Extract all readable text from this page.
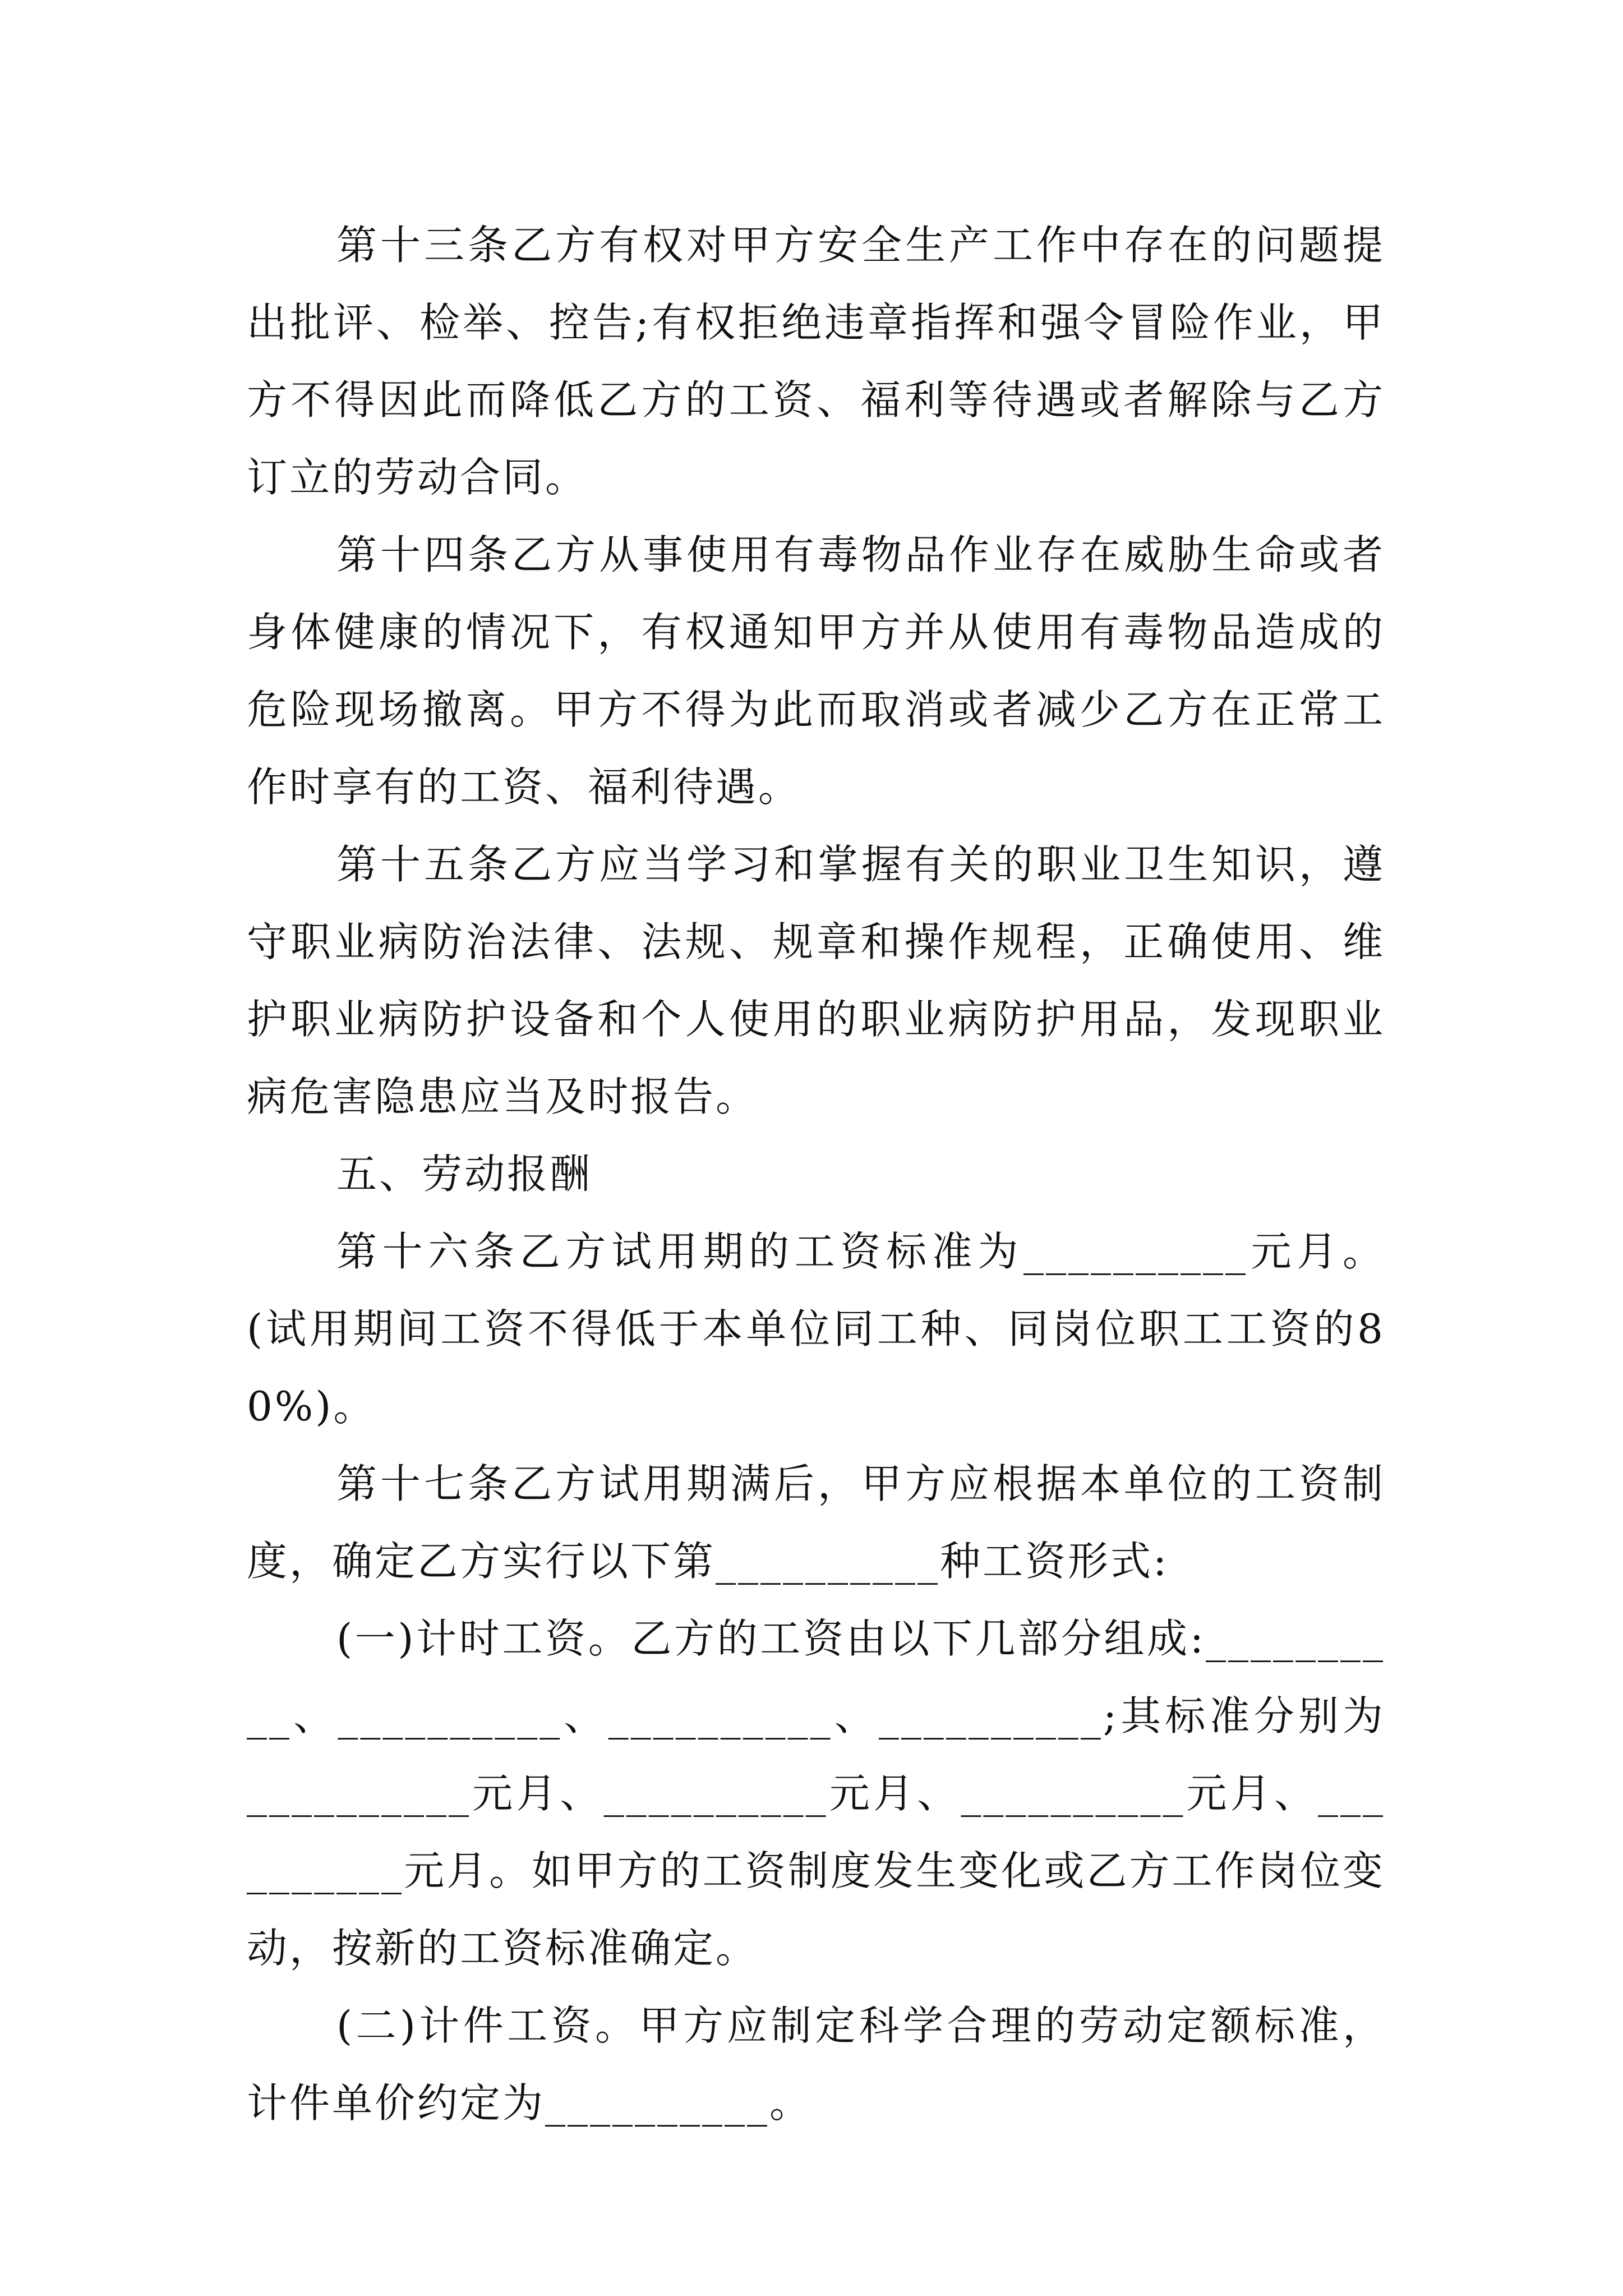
第十三条乙方有权对甲方安全生产工作中存在的问题提出批评、检举、控告;有权拒绝违章指挥和强令冒险作业，甲方不得因此而降低乙方的工资、福利等待遇或者解除与乙方订立的劳动合同。

第十四条乙方从事使用有毒物品作业存在威胁生命或者身体健康的情况下，有权通知甲方并从使用有毒物品造成的危险现场撤离。甲方不得为此而取消或者减少乙方在正常工作时享有的工资、福利待遇。

第十五条乙方应当学习和掌握有关的职业卫生知识，遵守职业病防治法律、法规、规章和操作规程，正确使用、维护职业病防护设备和个人使用的职业病防护用品，发现职业病危害隐患应当及时报告。

五、劳动报酬

第十六条乙方试用期的工资标准为__________元月。(试用期间工资不得低于本单位同工种、同岗位职工工资的80%)。

第十七条乙方试用期满后，甲方应根据本单位的工资制度，确定乙方实行以下第__________种工资形式:

(一)计时工资。乙方的工资由以下几部分组成:__________、__________、__________、__________;其标准分别为__________元月、__________元月、__________元月、__________元月。如甲方的工资制度发生变化或乙方工作岗位变动，按新的工资标准确定。

(二)计件工资。甲方应制定科学合理的劳动定额标准，计件单价约定为__________。
